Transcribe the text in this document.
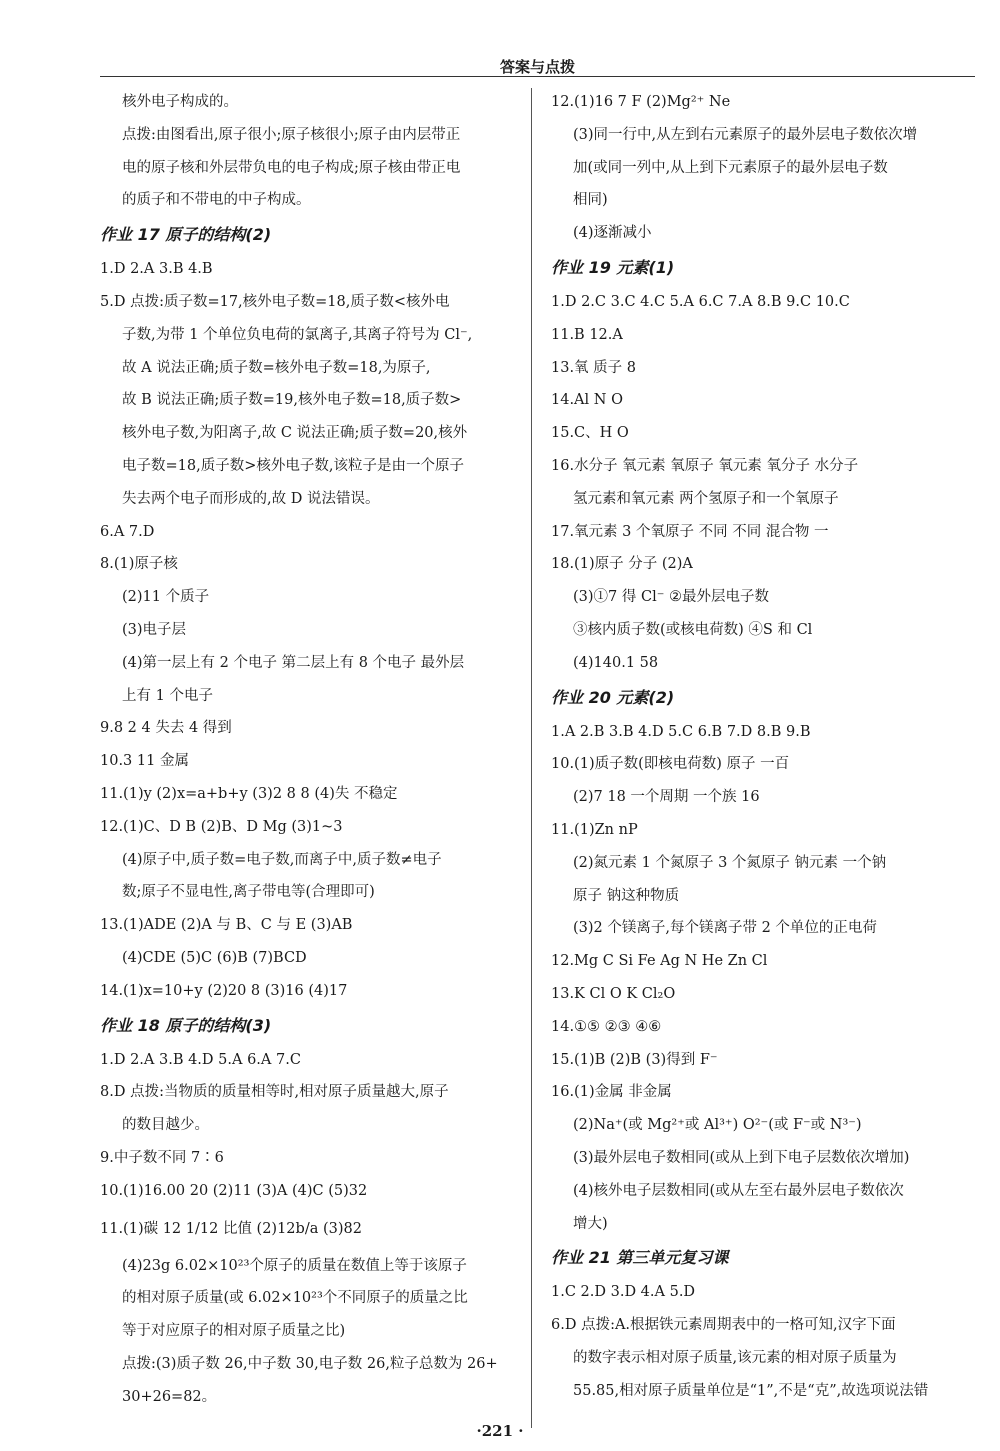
答案与点拨
核外电子构成的。
点拨:由图看出,原子很小;原子核很小;原子由内层带正
电的原子核和外层带负电的电子构成;原子核由带正电
的质子和不带电的中子构成。
作业 17 原子的结构(2)
1.D 2.A 3.B 4.B
5.D 点拨:质子数=17,核外电子数=18,质子数<核外电
子数,为带 1 个单位负电荷的氯离子,其离子符号为 Cl⁻,
故 A 说法正确;质子数=核外电子数=18,为原子,
故 B 说法正确;质子数=19,核外电子数=18,质子数>
核外电子数,为阳离子,故 C 说法正确;质子数=20,核外
电子数=18,质子数>核外电子数,该粒子是由一个原子
失去两个电子而形成的,故 D 说法错误。
6.A 7.D
8.(1)原子核
(2)11 个质子
(3)电子层
(4)第一层上有 2 个电子 第二层上有 8 个电子 最外层
上有 1 个电子
9.8 2 4 失去 4 得到
10.3 11 金属
11.(1)y (2)x=a+b+y (3)2 8 8 (4)失 不稳定
12.(1)C、D B (2)B、D Mg (3)1~3
(4)原子中,质子数=电子数,而离子中,质子数≠电子
数;原子不显电性,离子带电等(合理即可)
13.(1)ADE (2)A 与 B、C 与 E (3)AB
(4)CDE (5)C (6)B (7)BCD
14.(1)x=10+y (2)20 8 (3)16 (4)17
作业 18 原子的结构(3)
1.D 2.A 3.B 4.D 5.A 6.A 7.C
8.D 点拨:当物质的质量相等时,相对原子质量越大,原子
的数目越少。
9.中子数不同 7∶6
10.(1)16.00 20 (2)11 (3)A (4)C (5)32
11.(1)碳 12 1/12 比值 (2)12b/a (3)82
(4)23g 6.02×10²³个原子的质量在数值上等于该原子
的相对原子质量(或 6.02×10²³个不同原子的质量之比
等于对应原子的相对原子质量之比)
点拨:(3)质子数 26,中子数 30,电子数 26,粒子总数为 26+
30+26=82。
12.(1)16 7 F (2)Mg²⁺ Ne
(3)同一行中,从左到右元素原子的最外层电子数依次增
加(或同一列中,从上到下元素原子的最外层电子数
相同)
(4)逐渐减小
作业 19 元素(1)
1.D 2.C 3.C 4.C 5.A 6.C 7.A 8.B 9.C 10.C
11.B 12.A
13.氧 质子 8
14.Al N O
15.C、H O
16.水分子 氧元素 氧原子 氧元素 氧分子 水分子
氢元素和氧元素 两个氢原子和一个氧原子
17.氧元素 3 个氧原子 不同 不同 混合物 一
18.(1)原子 分子 (2)A
(3)①7 得 Cl⁻ ②最外层电子数
③核内质子数(或核电荷数) ④S 和 Cl
(4)140.1 58
作业 20 元素(2)
1.A 2.B 3.B 4.D 5.C 6.B 7.D 8.B 9.B
10.(1)质子数(即核电荷数) 原子 一百
(2)7 18 一个周期 一个族 16
11.(1)Zn nP
(2)氮元素 1 个氮原子 3 个氮原子 钠元素 一个钠
原子 钠这种物质
(3)2 个镁离子,每个镁离子带 2 个单位的正电荷
12.Mg C Si Fe Ag N He Zn Cl
13.K Cl O K Cl₂O
14.①⑤ ②③ ④⑥
15.(1)B (2)B (3)得到 F⁻
16.(1)金属 非金属
(2)Na⁺(或 Mg²⁺或 Al³⁺) O²⁻(或 F⁻或 N³⁻)
(3)最外层电子数相同(或从上到下电子层数依次增加)
(4)核外电子层数相同(或从左至右最外层电子数依次
增大)
作业 21 第三单元复习课
1.C 2.D 3.D 4.A 5.D
6.D 点拨:A.根据铁元素周期表中的一格可知,汉字下面
的数字表示相对原子质量,该元素的相对原子质量为
55.85,相对原子质量单位是“1”,不是“克”,故选项说法错
·221 ·
